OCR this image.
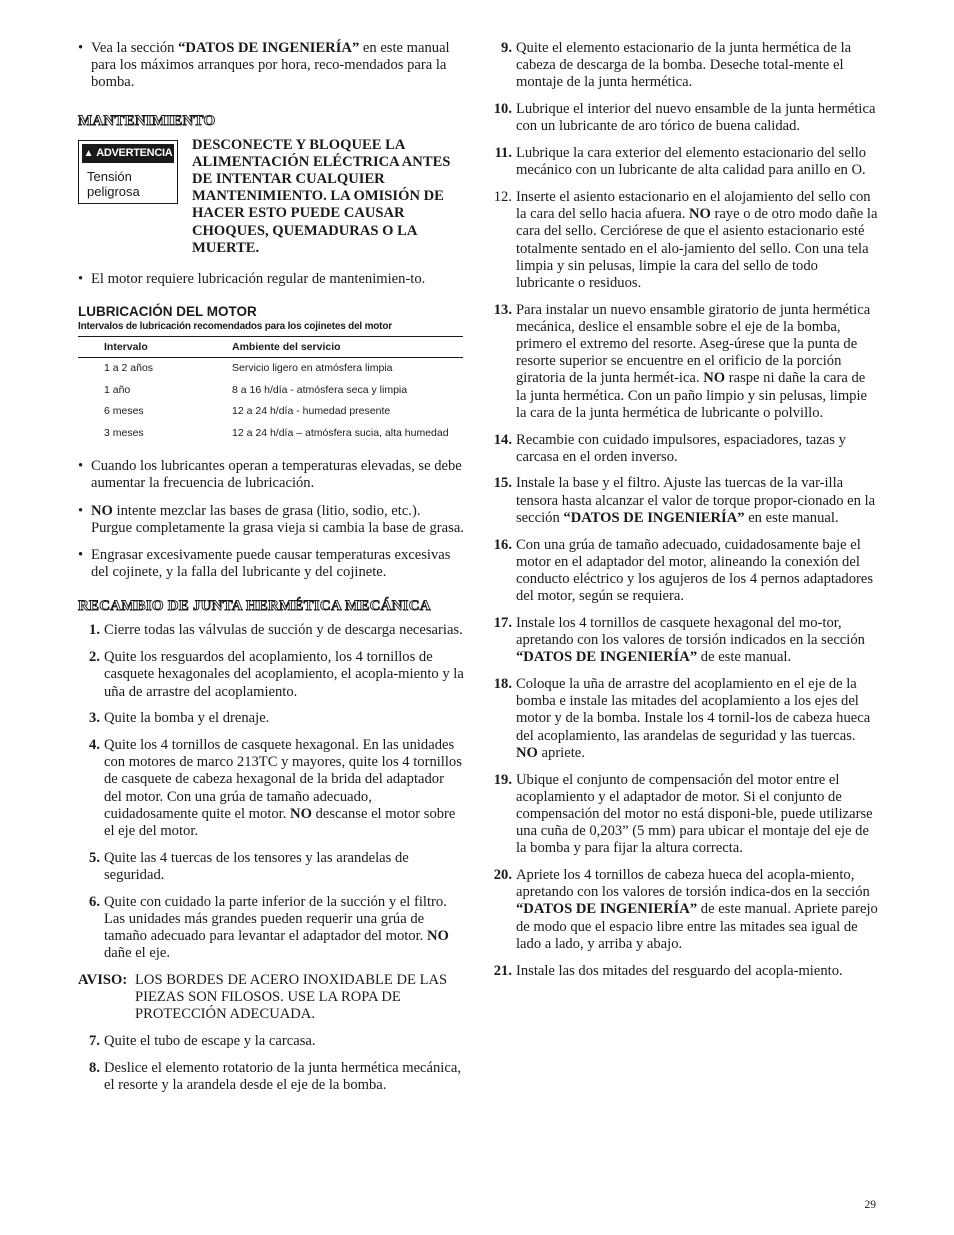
• Vea la sección “DATOS DE INGENIERÍA” en este manual para los máximos arranques por hora, reco-mendados para la bomba.

MANTENIMIENTO
▲ ADVERTENCIA
Tensión peligrosa
DESCONECTE Y BLOQUEE LA ALIMENTACIÓN ELÉCTRICA ANTES DE INTENTAR CUALQUIER MANTENIMIENTO. LA OMISIÓN DE HACER ESTO PUEDE CAUSAR CHOQUES, QUEMADURAS O LA MUERTE.

• El motor requiere lubricación regular de mantenimien-to.

LUBRICACIÓN DEL MOTOR
Intervalos de lubricación recomendados para los cojinetes del motor
Intervalo	Ambiente del servicio
1 a 2 años	Servicio ligero en atmósfera limpia
1 año	8 a 16 h/día - atmósfera seca y limpia
6 meses	12 a 24 h/día - humedad presente
3 meses	12 a 24 h/día – atmósfera sucia, alta humedad

• Cuando los lubricantes operan a temperaturas elevadas, se debe aumentar la frecuencia de lubricación.

• NO intente mezclar las bases de grasa (litio, sodio, etc.). Purgue completamente la grasa vieja si cambia la base de grasa.

• Engrasar excesivamente puede causar temperaturas excesivas del cojinete, y la falla del lubricante y del cojinete.

RECAMBIO DE JUNTA HERMÉTICA MECÁNICA

1. Cierre todas las válvulas de succión y de descarga necesarias.

2. Quite los resguardos del acoplamiento, los 4 tornillos de casquete hexagonales del acoplamiento, el acopla-miento y la uña de arrastre del acoplamiento.

3. Quite la bomba y el drenaje.

4. Quite los 4 tornillos de casquete hexagonal. En las unidades con motores de marco 213TC y mayores, quite los 4 tornillos de casquete de cabeza hexagonal de la brida del adaptador del motor. Con una grúa de tamaño adecuado, cuidadosamente quite el motor. NO descanse el motor sobre el eje del motor.

5. Quite las 4 tuercas de los tensores y las arandelas de seguridad.

6. Quite con cuidado la parte inferior de la succión y el filtro. Las unidades más grandes pueden requerir una grúa de tamaño adecuado para levantar el adaptador del motor. NO dañe el eje.

AVISO: LOS BORDES DE ACERO INOXIDABLE DE LAS PIEZAS SON FILOSOS. USE LA ROPA DE PROTECCIÓN ADECUADA.

7. Quite el tubo de escape y la carcasa.

8. Deslice el elemento rotatorio de la junta hermética mecánica, el resorte y la arandela desde el eje de la bomba.

9. Quite el elemento estacionario de la junta hermética de la cabeza de descarga de la bomba. Deseche total-mente el montaje de la junta hermética.

10. Lubrique el interior del nuevo ensamble de la junta hermética con un lubricante de aro tórico de buena calidad.

11. Lubrique la cara exterior del elemento estacionario del sello mecánico con un lubricante de alta calidad para anillo en O.

12. Inserte el asiento estacionario en el alojamiento del sello con la cara del sello hacia afuera. NO raye o de otro modo dañe la cara del sello. Cerciórese de que el asiento estacionario esté totalmente sentado en el alo-jamiento del sello. Con una tela limpia y sin pelusas, limpie la cara del sello de todo lubricante o residuos.

13. Para instalar un nuevo ensamble giratorio de junta hermética mecánica, deslice el ensamble sobre el eje de la bomba, primero el extremo del resorte. Aseg-úrese que la punta de resorte superior se encuentre en el orificio de la porción giratoria de la junta hermét-ica. NO raspe ni dañe la cara de la junta hermética. Con un paño limpio y sin pelusas, limpie la cara de la junta hermética de lubricante o polvillo.

14. Recambie con cuidado impulsores, espaciadores, tazas y carcasa en el orden inverso.

15. Instale la base y el filtro. Ajuste las tuercas de la var-illa tensora hasta alcanzar el valor de torque propor-cionado en la sección “DATOS DE INGENIERÍA” en este manual.

16. Con una grúa de tamaño adecuado, cuidadosamente baje el motor en el adaptador del motor, alineando la conexión del conducto eléctrico y los agujeros de los 4 pernos adaptadores del motor, según se requiera.

17. Instale los 4 tornillos de casquete hexagonal del mo-tor, apretando con los valores de torsión indicados en la sección “DATOS DE INGENIERÍA” de este manual.

18. Coloque la uña de arrastre del acoplamiento en el eje de la bomba e instale las mitades del acoplamiento a los ejes del motor y de la bomba. Instale los 4 tornil-los de cabeza hueca del acoplamiento, las arandelas de seguridad y las tuercas. NO apriete.

19. Ubique el conjunto de compensación del motor entre el acoplamiento y el adaptador de motor. Si el conjunto de compensación del motor no está disponi-ble, puede utilizarse una cuña de 0,203” (5 mm) para ubicar el montaje del eje de la bomba y para fijar la altura correcta.

20. Apriete los 4 tornillos de cabeza hueca del acopla-miento, apretando con los valores de torsión indica-dos en la sección “DATOS DE INGENIERÍA” de este manual. Apriete parejo de modo que el espacio libre entre las mitades sea igual de lado a lado, y arriba y abajo.

21. Instale las dos mitades del resguardo del acopla-miento.

29
